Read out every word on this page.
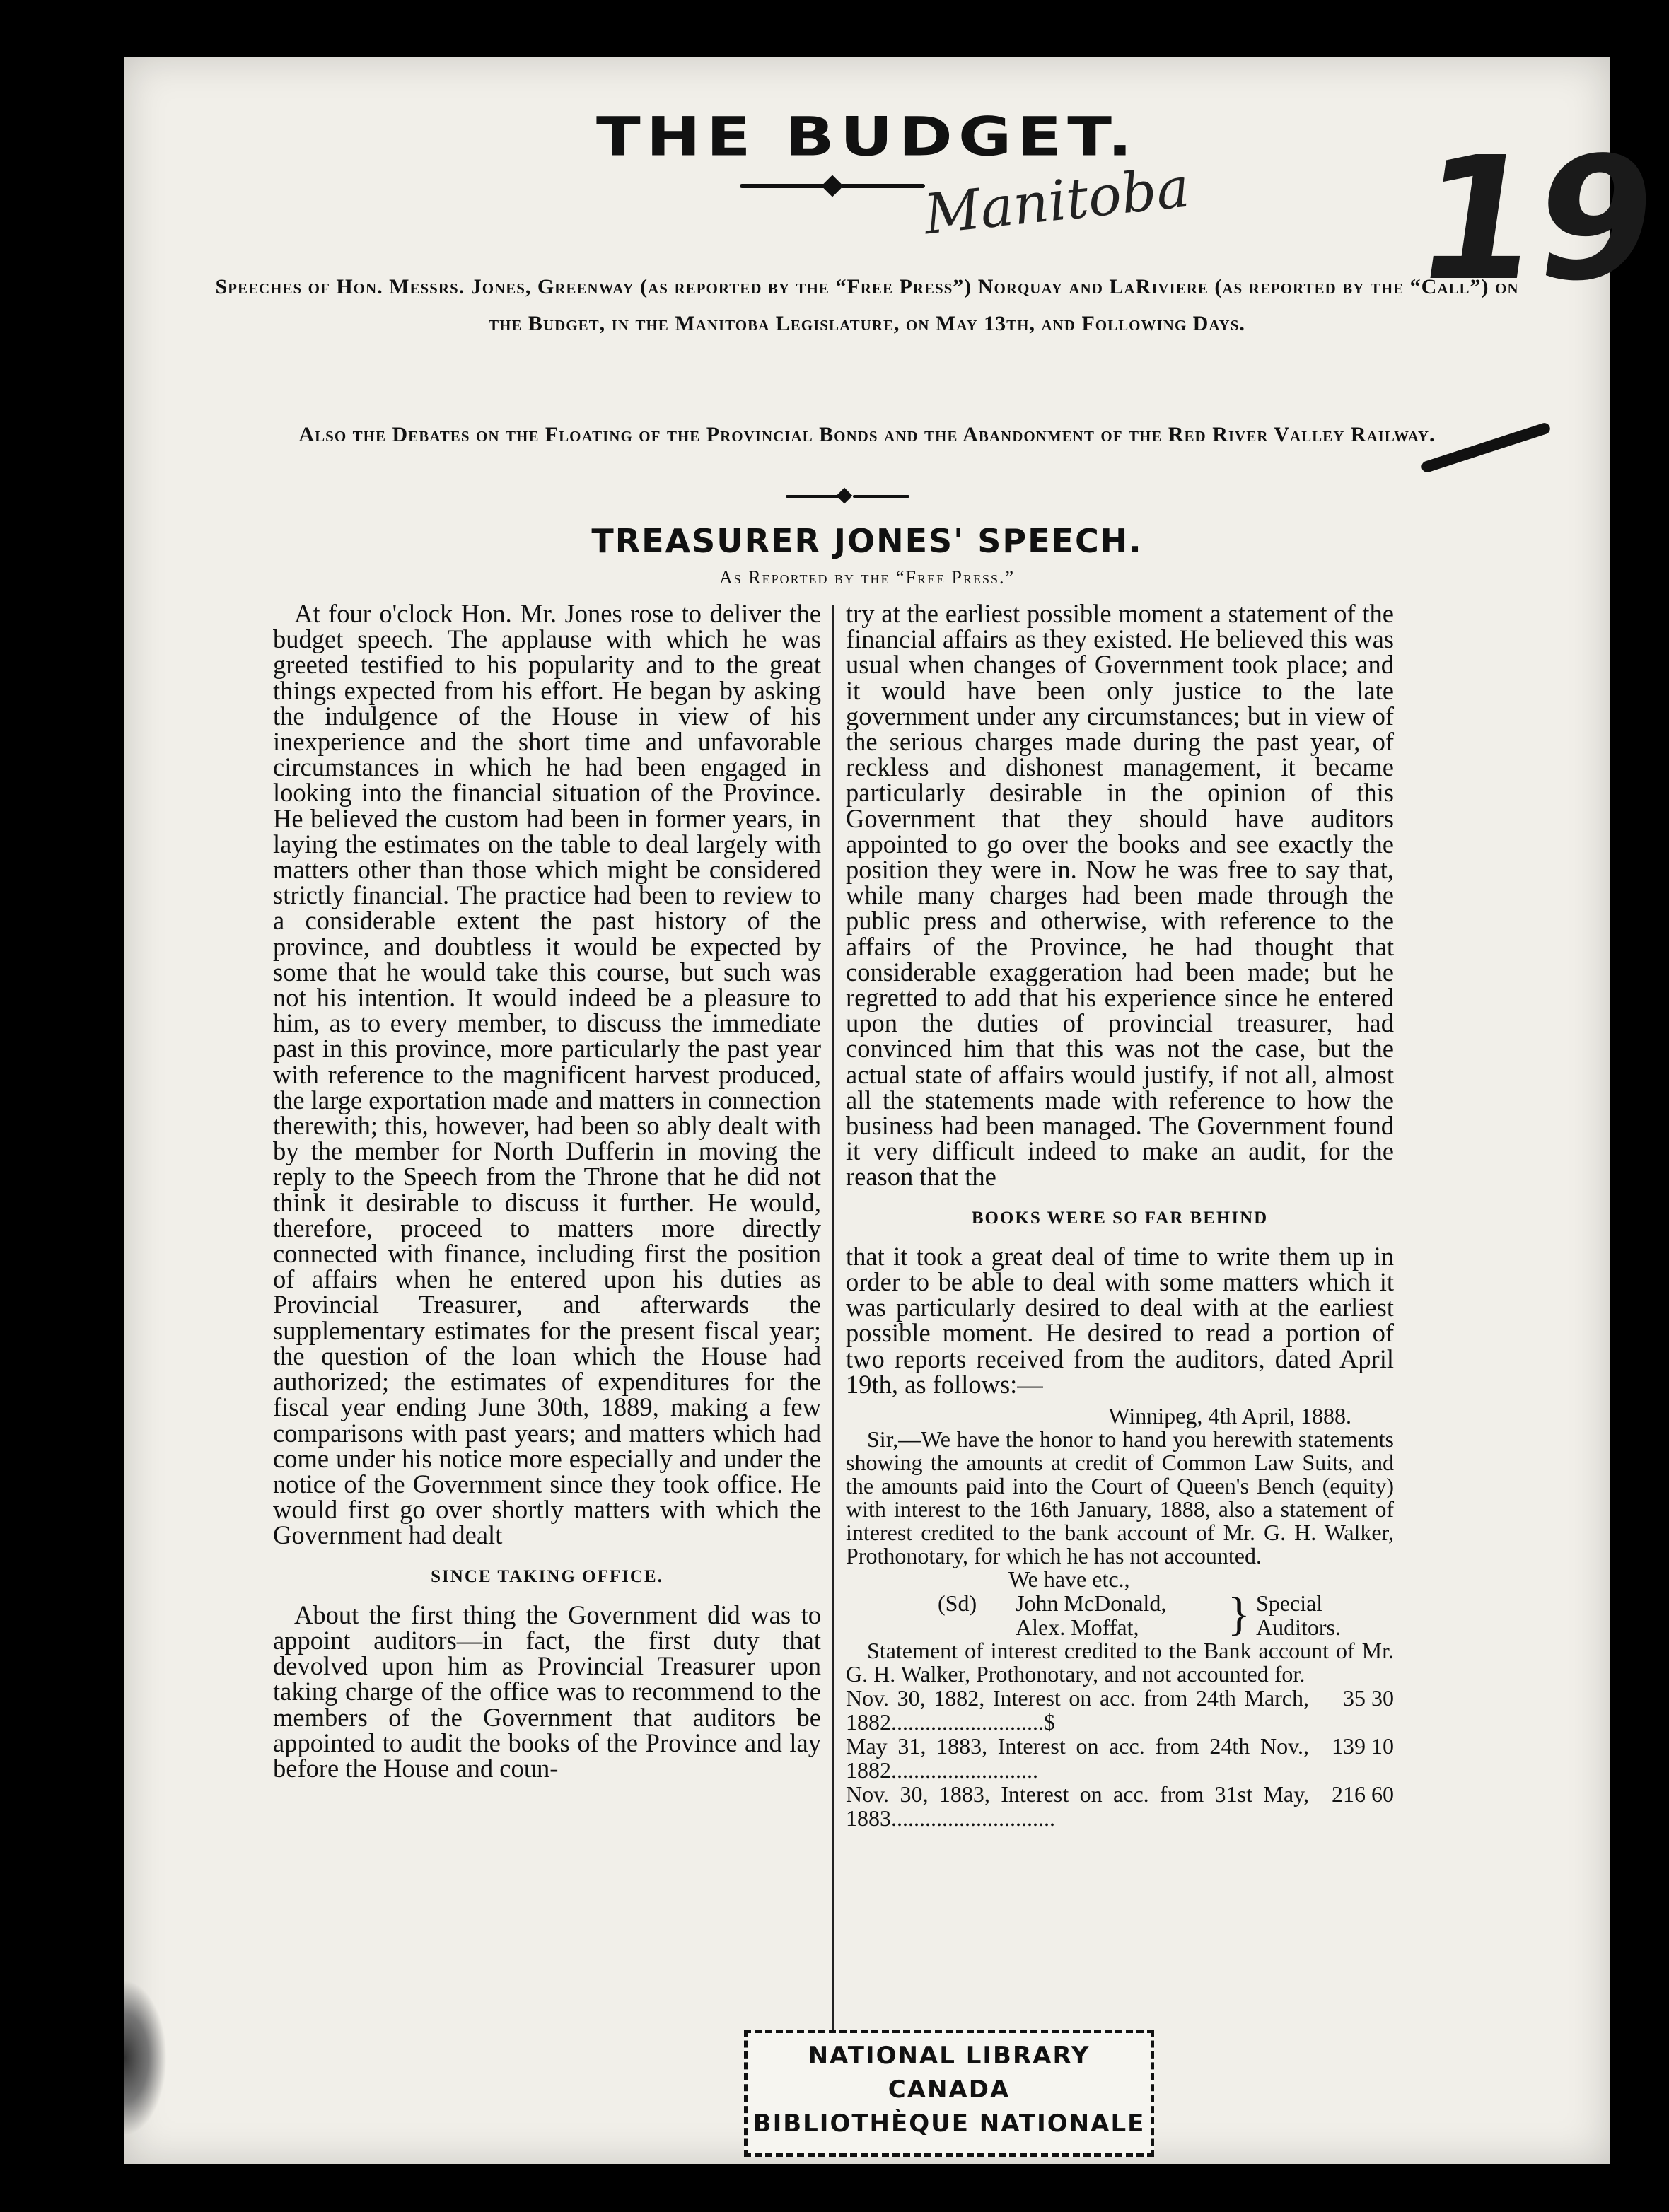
THE BUDGET.
Manitoba 19
Speeches of Hon. Messrs. Jones, Greenway (as reported by the “Free Press”) Norquay and LaRiviere (as reported by the “Call”) on the Budget, in the Manitoba Legislature, on May 13th, and Following Days.
Also the Debates on the Floating of the Provincial Bonds and the Abandonment of the Red River Valley Railway.
TREASURER JONES' SPEECH.
As Reported by the “Free Press.”

At four o'clock Hon. Mr. Jones rose to deliver the budget speech. The applause with which he was greeted testified to his popularity and to the great things expected from his effort. He began by asking the indulgence of the House in view of his inexperience and the short time and unfavorable circumstances in which he had been engaged in looking into the financial situation of the Province. He believed the custom had been in former years, in laying the estimates on the table to deal largely with matters other than those which might be considered strictly financial. The practice had been to review to a considerable extent the past history of the province, and doubtless it would be expected by some that he would take this course, but such was not his intention. It would indeed be a pleasure to him, as to every member, to discuss the immediate past in this province, more particularly the past year with reference to the magnificent harvest produced, the large exportation made and matters in connection therewith; this, however, had been so ably dealt with by the member for North Dufferin in moving the reply to the Speech from the Throne that he did not think it desirable to discuss it further. He would, therefore, proceed to matters more directly connected with finance, including first the position of affairs when he entered upon his duties as Provincial Treasurer, and afterwards the supplementary estimates for the present fiscal year; the question of the loan which the House had authorized; the estimates of expenditures for the fiscal year ending June 30th, 1889, making a few comparisons with past years; and matters which had come under his notice more especially and under the notice of the Government since they took office. He would first go over shortly matters with which the Government had dealt

SINCE TAKING OFFICE.

About the first thing the Government did was to appoint auditors—in fact, the first duty that devolved upon him as Provincial Treasurer upon taking charge of the office was to recommend to the members of the Government that auditors be appointed to audit the books of the Province and lay before the House and coun-

try at the earliest possible moment a statement of the financial affairs as they existed. He believed this was usual when changes of Government took place; and it would have been only justice to the late government under any circumstances; but in view of the serious charges made during the past year, of reckless and dishonest management, it became particularly desirable in the opinion of this Government that they should have auditors appointed to go over the books and see exactly the position they were in. Now he was free to say that, while many charges had been made through the public press and otherwise, with reference to the affairs of the Province, he had thought that considerable exaggeration had been made; but he regretted to add that his experience since he entered upon the duties of provincial treasurer, had convinced him that this was not the case, but the actual state of affairs would justify, if not all, almost all the statements made with reference to how the business had been managed. The Government found it very difficult indeed to make an audit, for the reason that the

BOOKS WERE SO FAR BEHIND

that it took a great deal of time to write them up in order to be able to deal with some matters which it was particularly desired to deal with at the earliest possible moment. He desired to read a portion of two reports received from the auditors, dated April 19th, as follows:—

Winnipeg, 4th April, 1888.

Sir,—We have the honor to hand you herewith statements showing the amounts at credit of Common Law Suits, and the amounts paid into the Court of Queen's Bench (equity) with interest to the 16th January, 1888, also a statement of interest credited to the bank account of Mr. G. H. Walker, Prothonotary, for which he has not accounted.

We have etc.,
(Sd)	John McDonald,
Alex. Moffat,	} Special Auditors.

Statement of interest credited to the Bank account of Mr. G. H. Walker, Prothonotary, and not accounted for.

Nov. 30, 1882, Interest on acc. from 24th March, 1882...........................$
35 30
May 31, 1883, Interest on acc. from 24th Nov., 1882..........................
139 10
Nov. 30, 1883, Interest on acc. from 31st May, 1883.............................
216 60
NATIONAL LIBRARY
CANADA
BIBLIOTHÈQUE NATIONALE
